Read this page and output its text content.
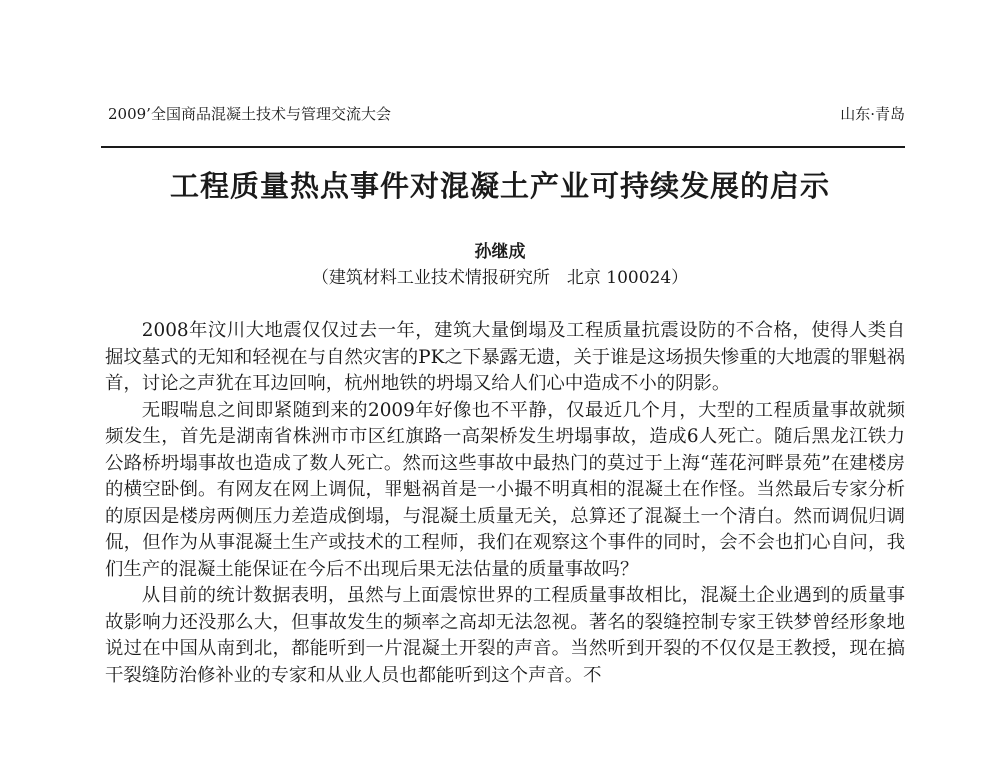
2009’全国商品混凝土技术与管理交流大会	山东·青岛
工程质量热点事件对混凝土产业可持续发展的启示
孙继成
（建筑材料工业技术情报研究所　北京 100024）

2008年汶川大地震仅仅过去一年，建筑大量倒塌及工程质量抗震设防的不合格，使得人类自掘坟墓式的无知和轻视在与自然灾害的PK之下暴露无遗，关于谁是这场损失惨重的大地震的罪魁祸首，讨论之声犹在耳边回响，杭州地铁的坍塌又给人们心中造成不小的阴影。

无暇喘息之间即紧随到来的2009年好像也不平静，仅最近几个月，大型的工程质量事故就频频发生，首先是湖南省株洲市市区红旗路一高架桥发生坍塌事故，造成6人死亡。随后黑龙江铁力公路桥坍塌事故也造成了数人死亡。然而这些事故中最热门的莫过于上海“莲花河畔景苑”在建楼房的横空卧倒。有网友在网上调侃，罪魁祸首是一小撮不明真相的混凝土在作怪。当然最后专家分析的原因是楼房两侧压力差造成倒塌，与混凝土质量无关，总算还了混凝土一个清白。然而调侃归调侃，但作为从事混凝土生产或技术的工程师，我们在观察这个事件的同时，会不会也扪心自问，我们生产的混凝土能保证在今后不出现后果无法估量的质量事故吗？

从目前的统计数据表明，虽然与上面震惊世界的工程质量事故相比，混凝土企业遇到的质量事故影响力还没那么大，但事故发生的频率之高却无法忽视。著名的裂缝控制专家王铁梦曾经形象地说过在中国从南到北，都能听到一片混凝土开裂的声音。当然听到开裂的不仅仅是王教授，现在搞干裂缝防治修补业的专家和从业人员也都能听到这个声音。不
